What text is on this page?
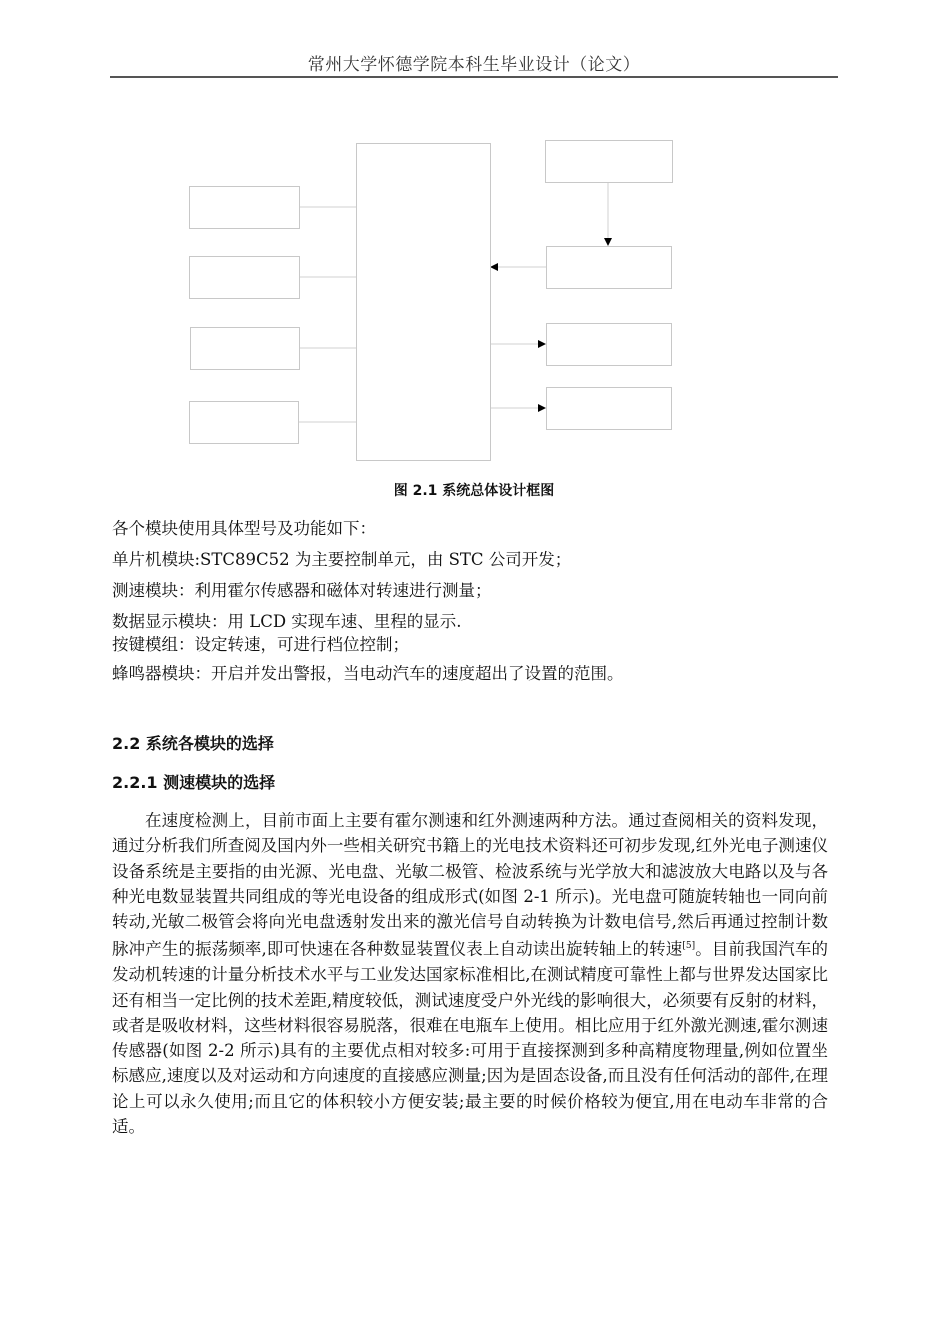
常州大学怀德学院本科生毕业设计（论文）
图 2.1 系统总体设计框图
各个模块使用具体型号及功能如下：
单片机模块:STC89C52 为主要控制单元，由 STC 公司开发；
测速模块：利用霍尔传感器和磁体对转速进行测量；
数据显示模块：用 LCD 实现车速、里程的显示.
按键模组：设定转速，可进行档位控制；
蜂鸣器模块：开启并发出警报，当电动汽车的速度超出了设置的范围。
2.2 系统各模块的选择
2.2.1 测速模块的选择
在速度检测上，目前市面上主要有霍尔测速和红外测速两种方法。通过查阅相关的资料发现，通过分析我们所查阅及国内外一些相关研究书籍上的光电技术资料还可初步发现,红外光电子测速仪设备系统是主要指的由光源、光电盘、光敏二极管、检波系统与光学放大和滤波放大电路以及与各种光电数显装置共同组成的等光电设备的组成形式(如图 2-1 所示)。光电盘可随旋转轴也一同向前转动,光敏二极管会将向光电盘透射发出来的激光信号自动转换为计数电信号,然后再通过控制计数脉冲产生的振荡频率,即可快速在各种数显装置仪表上自动读出旋转轴上的转速[5]。目前我国汽车的发动机转速的计量分析技术水平与工业发达国家标准相比,在测试精度可靠性上都与世界发达国家比还有相当一定比例的技术差距,精度较低，测试速度受户外光线的影响很大，必须要有反射的材料，或者是吸收材料，这些材料很容易脱落，很难在电瓶车上使用。相比应用于红外激光测速,霍尔测速传感器(如图 2-2 所示)具有的主要优点相对较多:可用于直接探测到多种高精度物理量,例如位置坐标感应,速度以及对运动和方向速度的直接感应测量;因为是固态设备,而且没有任何活动的部件,在理论上可以永久使用;而且它的体积较小方便安装;最主要的时候价格较为便宜,用在电动车非常的合适。
